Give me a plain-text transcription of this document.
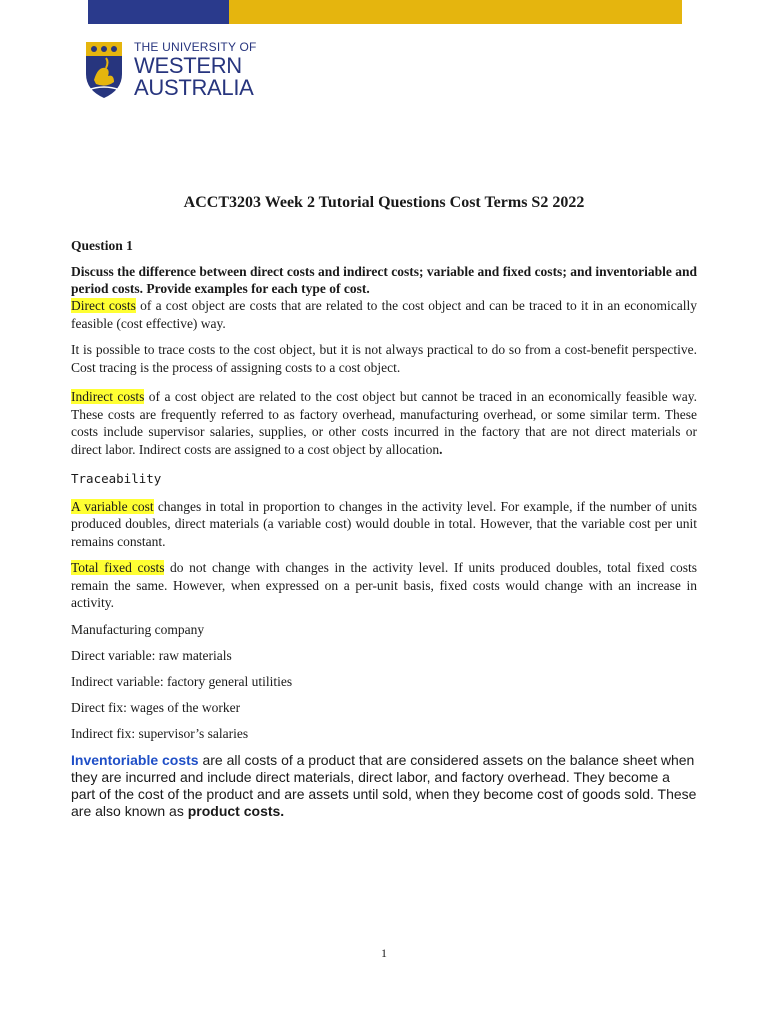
THE UNIVERSITY OF
WESTERN
AUSTRALIA
ACCT3203 Week 2 Tutorial Questions Cost Terms S2 2022
Question 1
Discuss the difference between direct costs and indirect costs; variable and fixed costs; and inventoriable and period costs. Provide examples for each type of cost.

Direct costs of a cost object are costs that are related to the cost object and can be traced to it in an economically feasible (cost effective) way.

It is possible to trace costs to the cost object, but it is not always practical to do so from a cost-benefit perspective. Cost tracing is the process of assigning costs to a cost object.

Indirect costs of a cost object are related to the cost object but cannot be traced in an economically feasible way. These costs are frequently referred to as factory overhead, manufacturing overhead, or some similar term. These costs include supervisor salaries, supplies, or other costs incurred in the factory that are not direct materials or direct labor. Indirect costs are assigned to a cost object by allocation.

Traceability

A variable cost changes in total in proportion to changes in the activity level. For example, if the number of units produced doubles, direct materials (a variable cost) would double in total. However, that the variable cost per unit remains constant.

Total fixed costs do not change with changes in the activity level. If units produced doubles, total fixed costs remain the same. However, when expressed on a per-unit basis, fixed costs would change with an increase in activity.

Manufacturing company
Direct variable: raw materials
Indirect variable: factory general utilities
Direct fix: wages of the worker
Indirect fix: supervisor’s salaries

Inventoriable costs are all costs of a product that are considered assets on the balance sheet when they are incurred and include direct materials, direct labor, and factory overhead. They become a part of the cost of the product and are assets until sold, when they become cost of goods sold. These are also known as product costs.

1
